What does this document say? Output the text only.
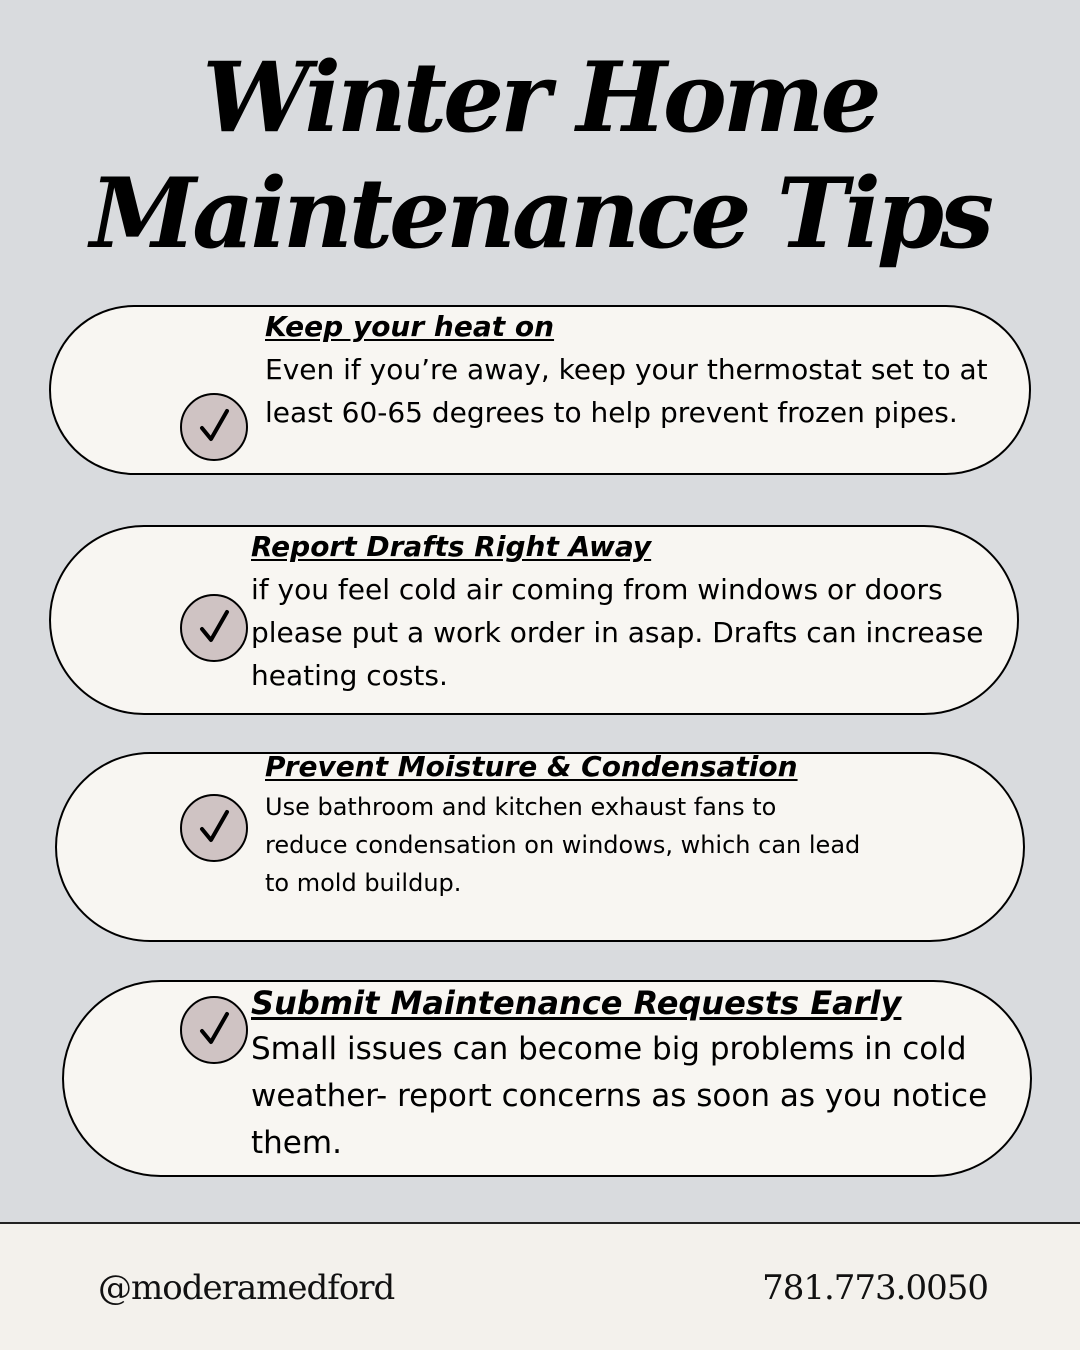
Winter Home
Maintenance Tips
Keep your heat on
Even if you’re away, keep your thermostat set to at least 60-65 degrees to help prevent frozen pipes.
Report Drafts Right Away
if you feel cold air coming from windows or doors please put a work order in asap. Drafts can increase heating costs.
Prevent Moisture & Condensation
Use bathroom and kitchen exhaust fans to reduce condensation on windows, which can lead to mold buildup.
Submit Maintenance Requests Early
Small issues can become big problems in cold weather- report concerns as soon as you notice them.
@moderamedford	781.773.0050
